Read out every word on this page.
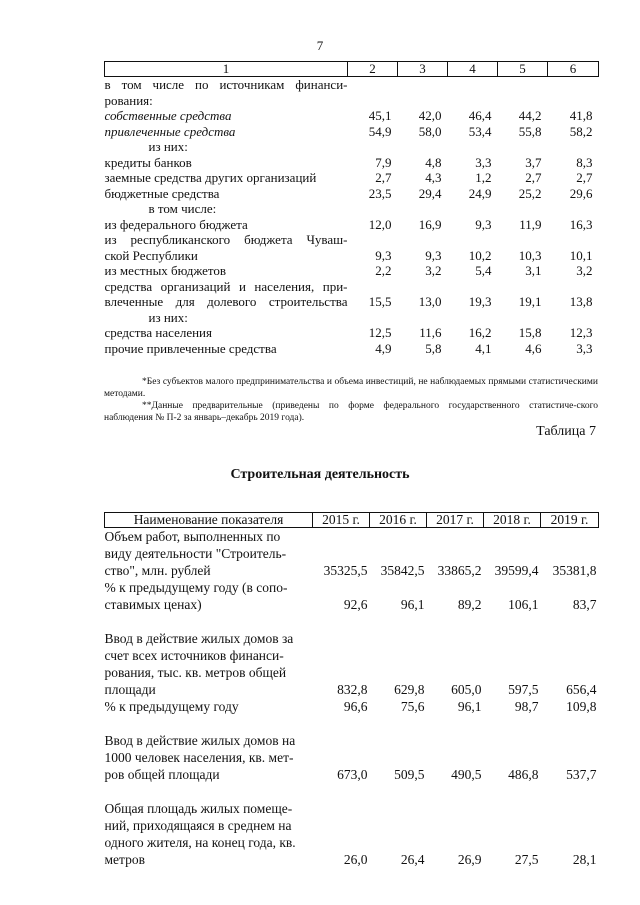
7
1	2	3	4	5	6
в том числе по источникам финанси-					
рования:					
собственные средства	45,1	42,0	46,4	44,2	41,8
привлеченные средства	54,9	58,0	53,4	55,8	58,2
из них:					
кредиты банков	7,9	4,8	3,3	3,7	8,3
заемные средства других организаций	2,7	4,3	1,2	2,7	2,7
бюджетные средства	23,5	29,4	24,9	25,2	29,6
в том числе:					
из федерального бюджета	12,0	16,9	9,3	11,9	16,3
из республиканского бюджета Чуваш-					
ской Республики	9,3	9,3	10,2	10,3	10,1
из местных бюджетов	2,2	3,2	5,4	3,1	3,2
средства организаций и населения, при-					
влеченные для долевого строительства	15,5	13,0	19,3	19,1	13,8
из них:					
средства населения	12,5	11,6	16,2	15,8	12,3
прочие привлеченные средства	4,9	5,8	4,1	4,6	3,3
*Без субъектов малого предпринимательства и объема инвестиций, не наблюдаемых прямыми статистическими методами.
**Данные предварительные (приведены по форме федерального государственного статистиче-ского наблюдения № П-2 за январь–декабрь 2019 года).
Таблица 7
Строительная деятельность
Наименование показателя	2015 г.	2016 г.	2017 г.	2018 г.	2019 г.
Объем работ, выполненных по					
виду деятельности "Строитель-					
ство", млн. рублей	35325,5	35842,5	33865,2	39599,4	35381,8
% к предыдущему году (в сопо-					
ставимых ценах)	92,6	96,1	89,2	106,1	83,7

Ввод в действие жилых домов за					
счет всех источников финанси-					
рования, тыс. кв. метров общей					
площади	832,8	629,8	605,0	597,5	656,4
% к предыдущему году	96,6	75,6	96,1	98,7	109,8

Ввод в действие жилых домов на					
1000 человек населения, кв. мет-					
ров общей площади	673,0	509,5	490,5	486,8	537,7

Общая площадь жилых помеще-					
ний, приходящаяся в среднем на					
одного жителя, на конец года, кв.					
метров	26,0	26,4	26,9	27,5	28,1
